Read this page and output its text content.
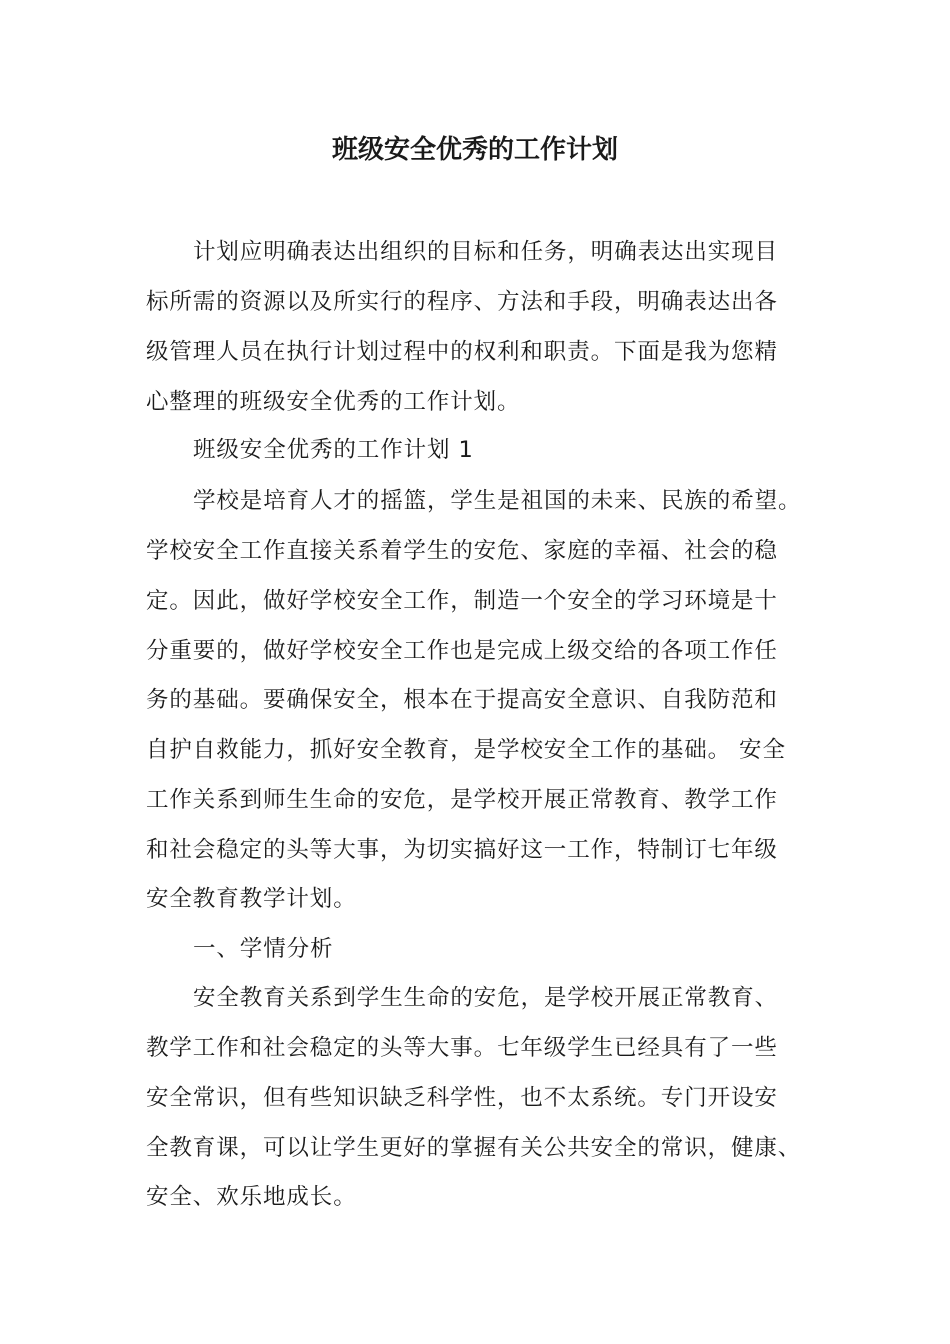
班级安全优秀的工作计划

计划应明确表达出组织的目标和任务，明确表达出实现目

标所需的资源以及所实行的程序、方法和手段，明确表达出各

级管理人员在执行计划过程中的权利和职责。下面是我为您精

心整理的班级安全优秀的工作计划。

班级安全优秀的工作计划 1

学校是培育人才的摇篮，学生是祖国的未来、民族的希望。

学校安全工作直接关系着学生的安危、家庭的幸福、社会的稳

定。因此，做好学校安全工作，制造一个安全的学习环境是十

分重要的，做好学校安全工作也是完成上级交给的各项工作任

务的基础。要确保安全，根本在于提高安全意识、自我防范和

自护自救能力，抓好安全教育，是学校安全工作的基础。 安全

工作关系到师生生命的安危，是学校开展正常教育、教学工作

和社会稳定的头等大事，为切实搞好这一工作，特制订七年级

安全教育教学计划。

一、学情分析

安全教育关系到学生生命的安危，是学校开展正常教育、

教学工作和社会稳定的头等大事。七年级学生已经具有了一些

安全常识，但有些知识缺乏科学性，也不太系统。专门开设安

全教育课，可以让学生更好的掌握有关公共安全的常识，健康、

安全、欢乐地成长。
